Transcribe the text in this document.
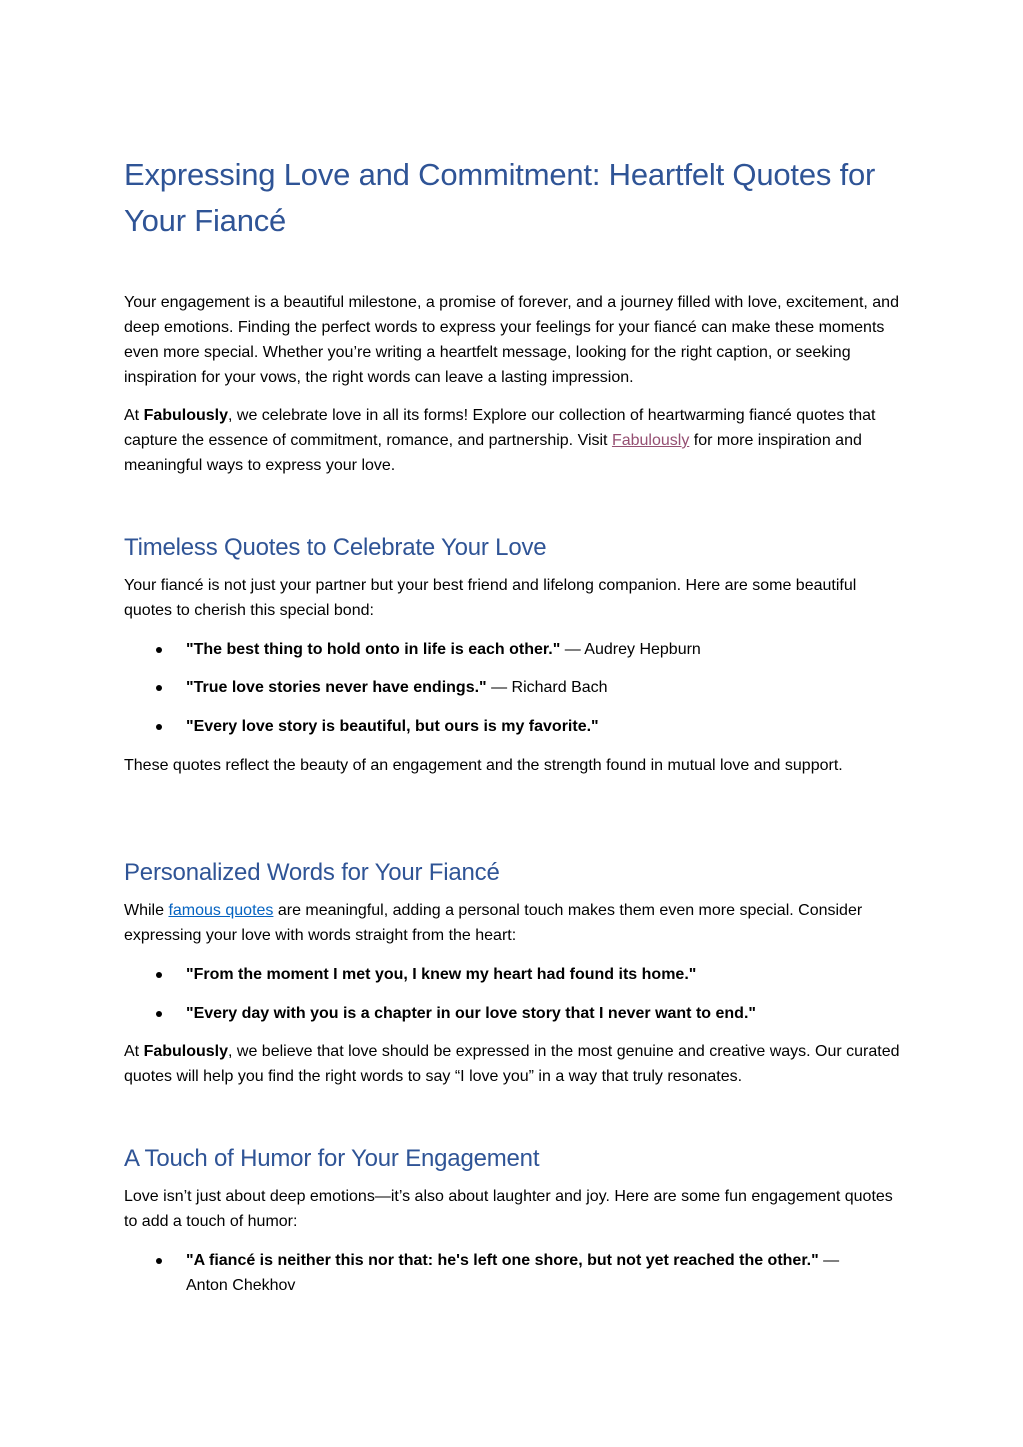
Expressing Love and Commitment: Heartfelt Quotes for Your Fiancé

Your engagement is a beautiful milestone, a promise of forever, and a journey filled with love, excitement, and deep emotions. Finding the perfect words to express your feelings for your fiancé can make these moments even more special. Whether you’re writing a heartfelt message, looking for the right caption, or seeking inspiration for your vows, the right words can leave a lasting impression.

At Fabulously, we celebrate love in all its forms! Explore our collection of heartwarming fiancé quotes that capture the essence of commitment, romance, and partnership. Visit Fabulously for more inspiration and meaningful ways to express your love.

Timeless Quotes to Celebrate Your Love

Your fiancé is not just your partner but your best friend and lifelong companion. Here are some beautiful quotes to cherish this special bond:

"The best thing to hold onto in life is each other." — Audrey Hepburn
"True love stories never have endings." — Richard Bach
"Every love story is beautiful, but ours is my favorite."

These quotes reflect the beauty of an engagement and the strength found in mutual love and support.

Personalized Words for Your Fiancé

While famous quotes are meaningful, adding a personal touch makes them even more special. Consider expressing your love with words straight from the heart:

"From the moment I met you, I knew my heart had found its home."
"Every day with you is a chapter in our love story that I never want to end."

At Fabulously, we believe that love should be expressed in the most genuine and creative ways. Our curated quotes will help you find the right words to say “I love you” in a way that truly resonates.

A Touch of Humor for Your Engagement

Love isn’t just about deep emotions—it’s also about laughter and joy. Here are some fun engagement quotes to add a touch of humor:

"A fiancé is neither this nor that: he's left one shore, but not yet reached the other." — Anton Chekhov
